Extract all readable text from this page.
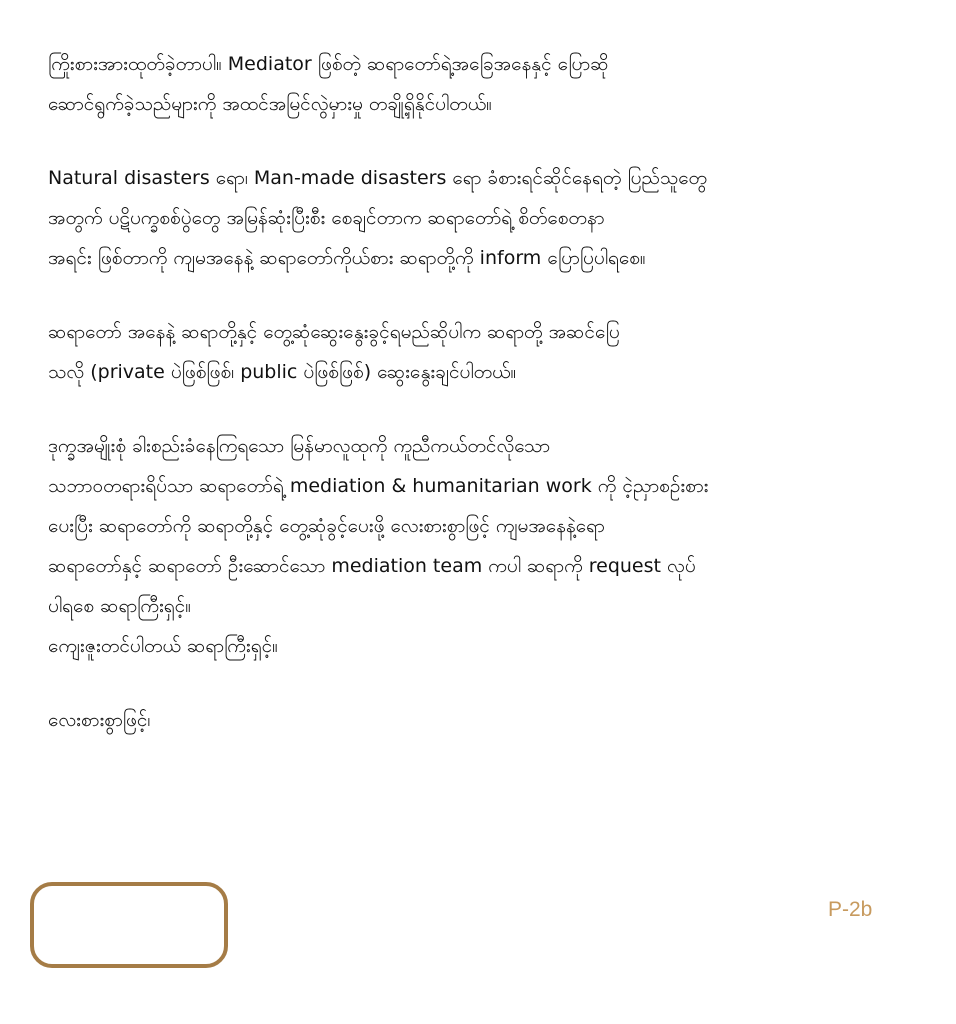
ကြိုးစားအားထုတ်ခဲ့တာပါ။ Mediator ဖြစ်တဲ့ ဆရာတော်ရဲ့အခြေအနေနှင့် ပြောဆို
ဆောင်ရွက်ခဲ့သည်များကို အထင်အမြင်လွဲမှားမှု တချို့ရှိနိုင်ပါတယ်။

Natural disasters ရော၊ Man-made disasters ရော ခံစားရင်ဆိုင်နေရတဲ့ ပြည်သူတွေ
အတွက် ပဋိပက္ခစစ်ပွဲတွေ အမြန်ဆုံးပြီးစီး စေချင်တာက ဆရာတော်ရဲ့ စိတ်စေတနာ
အရင်း ဖြစ်တာကို ကျမအနေနဲ့ ဆရာတော်ကိုယ်စား ဆရာတို့ကို inform ပြောပြပါရစေ။

ဆရာတော် အနေနဲ့ ဆရာတို့နှင့် တွေ့ဆုံဆွေးနွေးခွင့်ရမည်ဆိုပါက ဆရာတို့ အဆင်ပြေ
သလို (private ပဲဖြစ်ဖြစ်၊ public ပဲဖြစ်ဖြစ်) ဆွေးနွေးချင်ပါတယ်။

ဒုက္ခအမျိုးစုံ ခါးစည်းခံနေကြရသော မြန်မာလူထုကို ကူညီကယ်တင်လိုသော
သဘာဝတရားရိပ်သာ ဆရာတော်ရဲ့ mediation & humanitarian work ကို ငဲ့ညှာစဥ်းစား
ပေးပြီး ဆရာတော်ကို ဆရာတို့နှင့် တွေ့ဆုံခွင့်ပေးဖို့ လေးစားစွာဖြင့် ကျမအနေနဲ့ရော
ဆရာတော်နှင့် ဆရာတော် ဦးဆောင်သော mediation team ကပါ ဆရာကို request လုပ်
ပါရစေ ဆရာကြီးရှင့်။
ကျေးဇူးတင်ပါတယ် ဆရာကြီးရှင့်။

လေးစားစွာဖြင့်၊

P-2b
